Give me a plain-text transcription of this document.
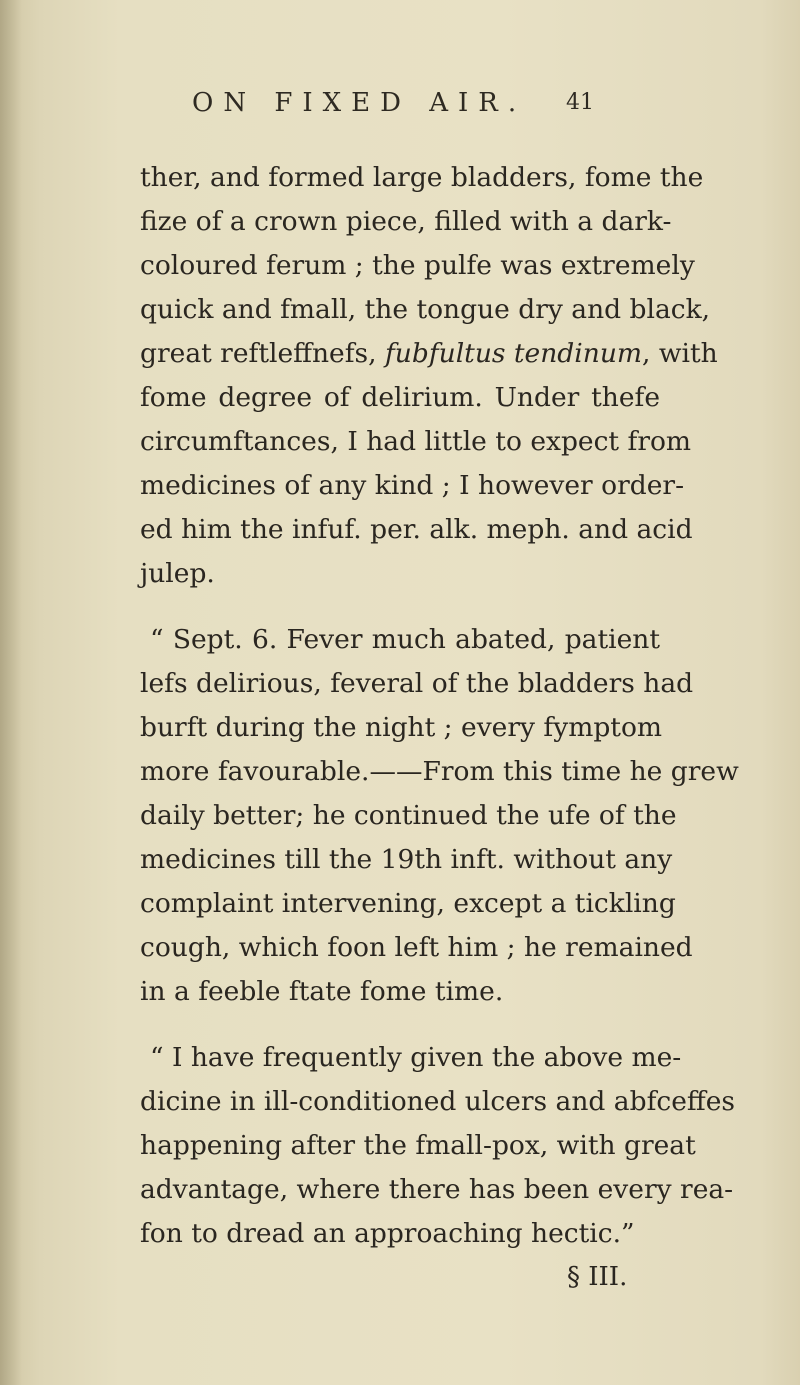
ON FIXED AIR. 41
ther, and formed large bladders, fome the
fize of a crown piece, filled with a dark-
coloured ferum ; the pulfe was extremely
quick and fmall, the tongue dry and black,
great reftleffnefs, fubfultus tendinum, with
fome degree of delirium. Under thefe
circumftances, I had little to expect from
medicines of any kind ; I however order-
ed him the infuf. per. alk. meph. and acid
julep.
“ Sept. 6. Fever much abated, patient
lefs delirious, feveral of the bladders had
burft during the night ; every fymptom
more favourable.——From this time he grew
daily better; he continued the ufe of the
medicines till the 19th inft. without any
complaint intervening, except a tickling
cough, which foon left him ; he remained
in a feeble ftate fome time.
“ I have frequently given the above me-
dicine in ill-conditioned ulcers and abfceffes
happening after the fmall-pox, with great
advantage, where there has been every rea-
fon to dread an approaching hectic.”
§ III.
